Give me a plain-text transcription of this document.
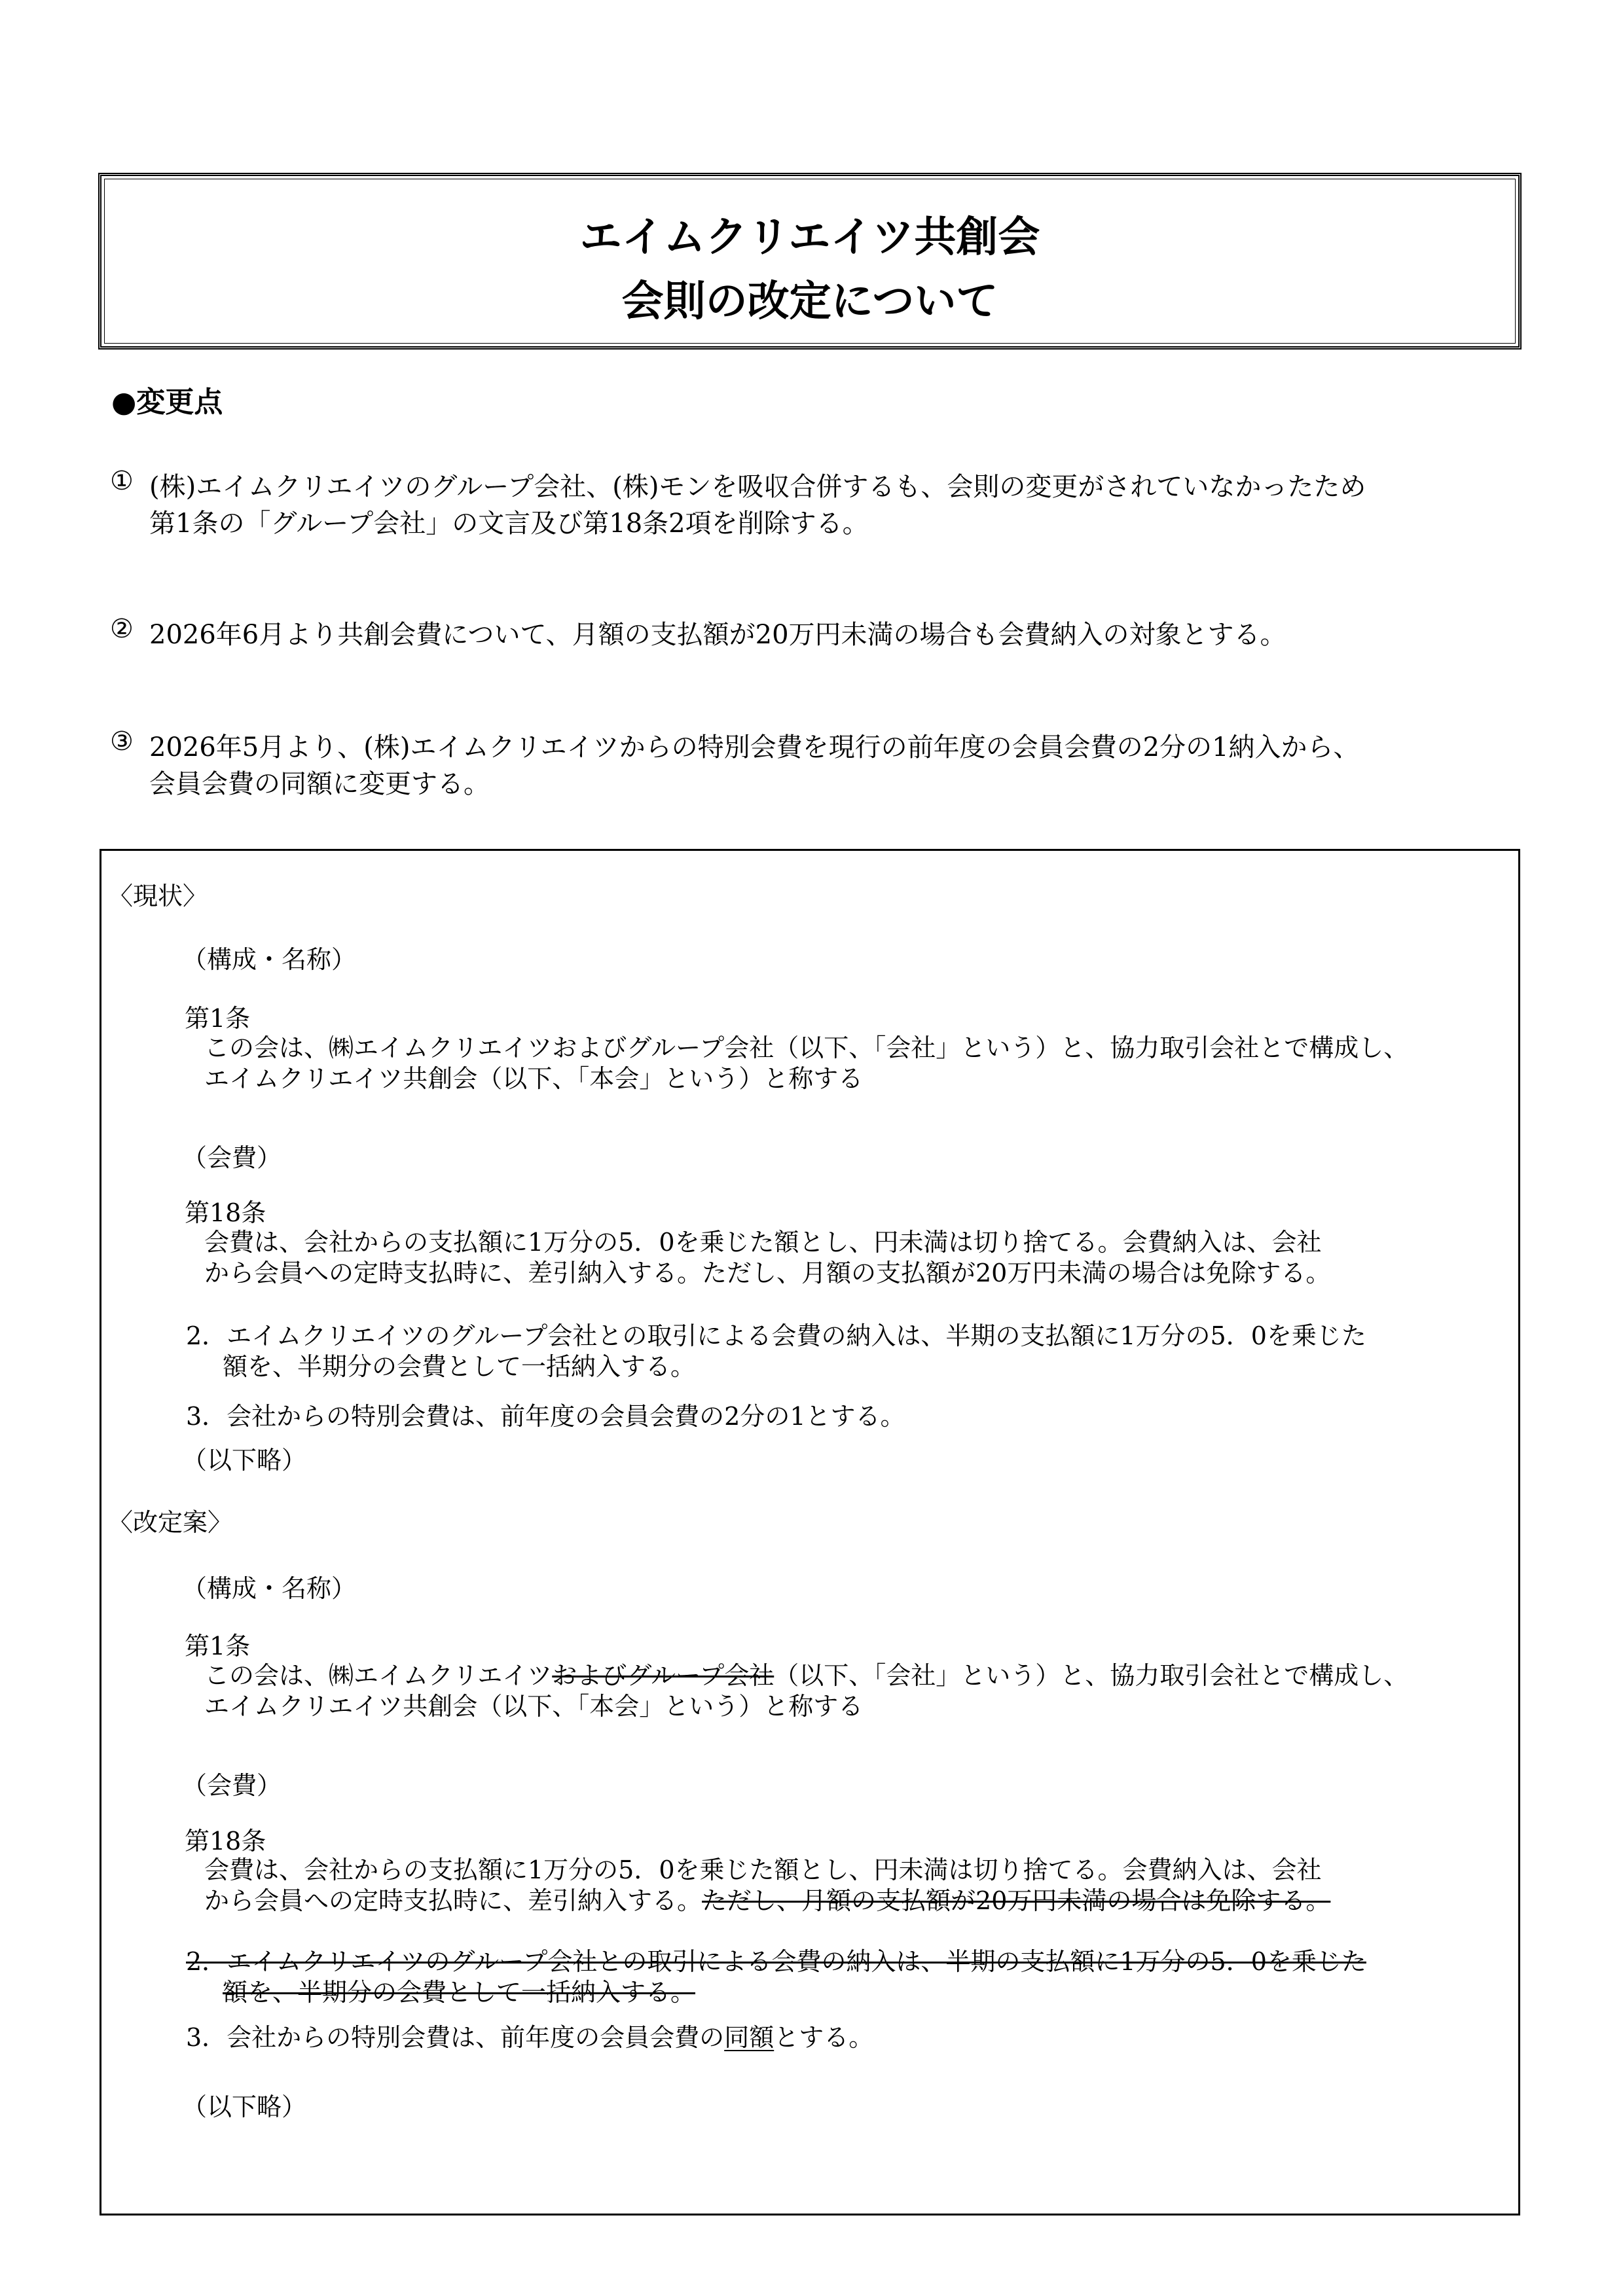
エイムクリエイツ共創会
会則の改定について
●変更点
① (株)エイムクリエイツのグループ会社、(株)モンを吸収合併するも、会則の変更がされていなかったため
第1条の「グループ会社」の文言及び第18条2項を削除する。
② 2026年6月より共創会費について、月額の支払額が20万円未満の場合も会費納入の対象とする。
③ 2026年5月より、(株)エイムクリエイツからの特別会費を現行の前年度の会員会費の2分の1納入から、
会員会費の同額に変更する。
〈現状〉
（構成・名称）
第1条
この会は、㈱エイムクリエイツおよびグループ会社（以下、「会社」という）と、協力取引会社とで構成し、
エイムクリエイツ共創会（以下、「本会」という）と称する
（会費）
第18条
会費は、会社からの支払額に1万分の5．0を乗じた額とし、円未満は切り捨てる。会費納入は、会社
から会員への定時支払時に、差引納入する。ただし、月額の支払額が20万円未満の場合は免除する。
2．エイムクリエイツのグループ会社との取引による会費の納入は、半期の支払額に1万分の5．0を乗じた
額を、半期分の会費として一括納入する。
3．会社からの特別会費は、前年度の会員会費の2分の1とする。
（以下略）
〈改定案〉
（構成・名称）
第1条
この会は、㈱エイムクリエイツおよびグループ会社（以下、「会社」という）と、協力取引会社とで構成し、
エイムクリエイツ共創会（以下、「本会」という）と称する
（会費）
第18条
会費は、会社からの支払額に1万分の5．0を乗じた額とし、円未満は切り捨てる。会費納入は、会社
から会員への定時支払時に、差引納入する。ただし、月額の支払額が20万円未満の場合は免除する。
2．エイムクリエイツのグループ会社との取引による会費の納入は、半期の支払額に1万分の5．0を乗じた
額を、半期分の会費として一括納入する。
3．会社からの特別会費は、前年度の会員会費の同額とする。
（以下略）
